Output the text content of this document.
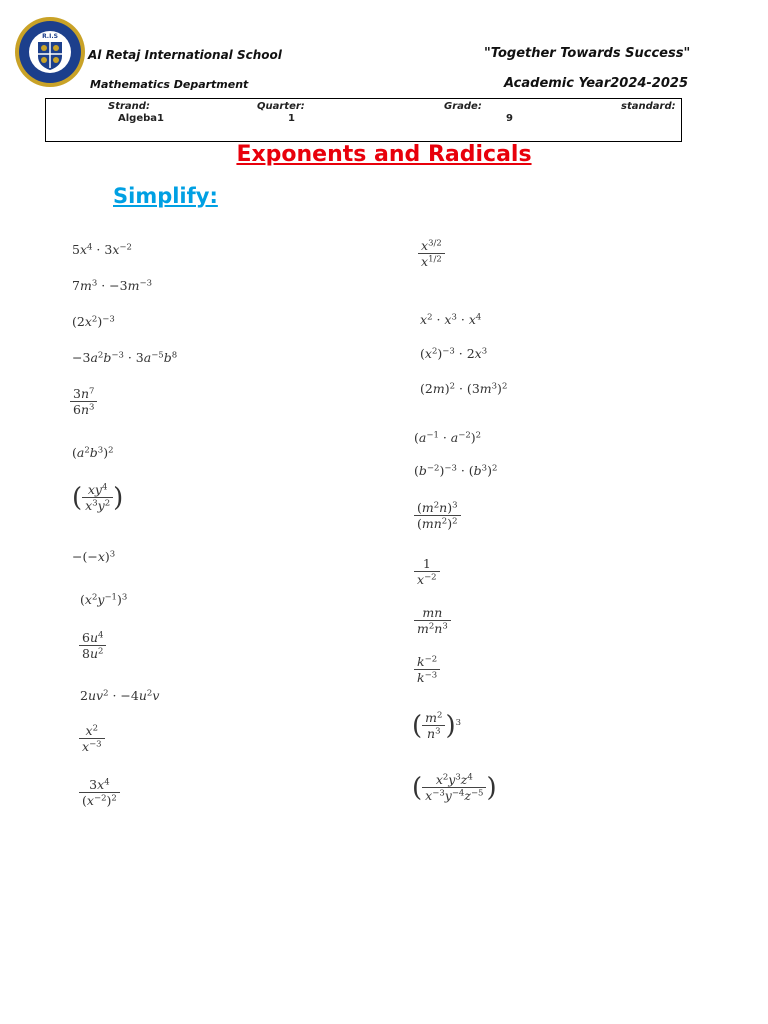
R.I.S
Al Retaj International School
Mathematics Department
"Together Towards Success"
Academic Year2024-2025
Strand:
Algeba1
Quarter:
1
Grade:
9
standard:
Exponents and Radicals
Simplify:
$5x^4 \cdot 3x^{-2}$
$7m^3 \cdot -3m^{-3}$
$(2x^2)^{-3}$
$-3a^2b^{-3} \cdot 3a^{-5}b^8$
$\frac{3n^7}{6n^3}$
$(a^2b^3)^2$
( $\frac{xy^4}{x^3y^2}$ )
$-(-x)^3$
$(x^2y^{-1})^3$
$\frac{6u^4}{8u^2}$
$2uv^2 \cdot -4u^2v$
$\frac{x^2}{x^{-3}}$
$\frac{3x^4}{(x^{-2})^2}$
$\frac{x^{3/2}}{x^{1/2}}$
$x^2 \cdot x^3 \cdot x^4$
$(x^2)^{-3} \cdot 2x^3$
$(2m)^2 \cdot (3m^3)^2$
$(a^{-1} \cdot a^{-2})^2$
$(b^{-2})^{-3} \cdot (b^3)^2$
$\frac{(m^2n)^3}{(mn^2)^2}$
$\frac{1}{x^{-2}}$
$\frac{mn}{m^2n^3}$
$\frac{k^{-2}}{k^{-3}}$
( $\frac{m^2}{n^3} )^3$
( $\frac{x^2y^3z^4}{x^{-3}y^{-4}z^{-5}}$ )
